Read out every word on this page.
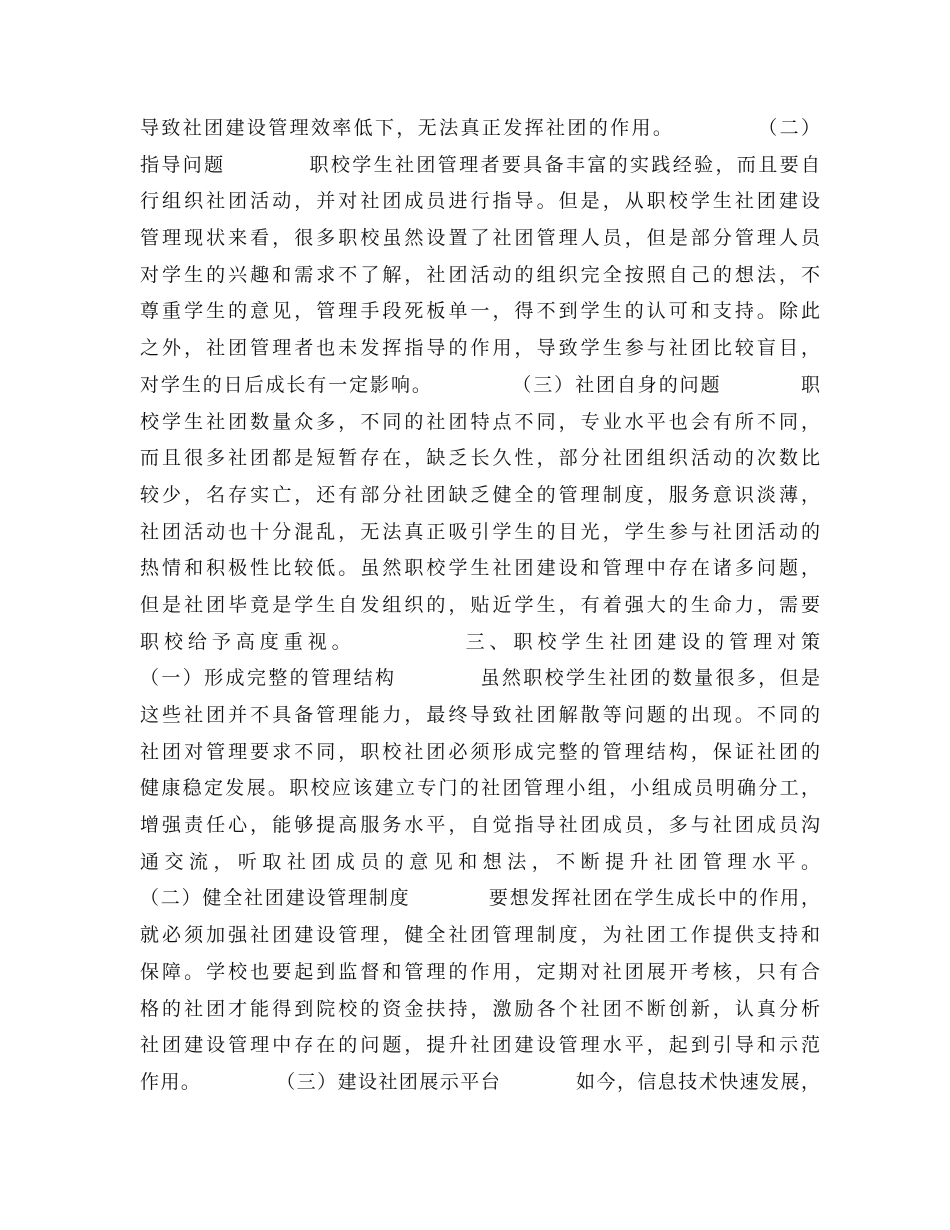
导致社团建设管理效率低下，无法真正发挥社团的作用。          （二）
指导问题          职校学生社团管理者要具备丰富的实践经验，而且要自
行组织社团活动，并对社团成员进行指导。但是，从职校学生社团建设
管理现状来看，很多职校虽然设置了社团管理人员，但是部分管理人员
对学生的兴趣和需求不了解，社团活动的组织完全按照自己的想法，不
尊重学生的意见，管理手段死板单一，得不到学生的认可和支持。除此
之外，社团管理者也未发挥指导的作用，导致学生参与社团比较盲目，
对学生的日后成长有一定影响。          （三）社团自身的问题          职
校学生社团数量众多，不同的社团特点不同，专业水平也会有所不同，
而且很多社团都是短暂存在，缺乏长久性，部分社团组织活动的次数比
较少，名存实亡，还有部分社团缺乏健全的管理制度，服务意识淡薄，
社团活动也十分混乱，无法真正吸引学生的目光，学生参与社团活动的
热情和积极性比较低。虽然职校学生社团建设和管理中存在诸多问题，
但是社团毕竟是学生自发组织的，贴近学生，有着强大的生命力，需要
职校给予高度重视。          三、职校学生社团建设的管理对策
（一）形成完整的管理结构          虽然职校学生社团的数量很多，但是
这些社团并不具备管理能力，最终导致社团解散等问题的出现。不同的
社团对管理要求不同，职校社团必须形成完整的管理结构，保证社团的
健康稳定发展。职校应该建立专门的社团管理小组，小组成员明确分工，
增强责任心，能够提高服务水平，自觉指导社团成员，多与社团成员沟
通交流，听取社团成员的意见和想法，不断提升社团管理水平。
（二）健全社团建设管理制度          要想发挥社团在学生成长中的作用，
就必须加强社团建设管理，健全社团管理制度，为社团工作提供支持和
保障。学校也要起到监督和管理的作用，定期对社团展开考核，只有合
格的社团才能得到院校的资金扶持，激励各个社团不断创新，认真分析
社团建设管理中存在的问题，提升社团建设管理水平，起到引导和示范
作用。          （三）建设社团展示平台          如今，信息技术快速发展，
